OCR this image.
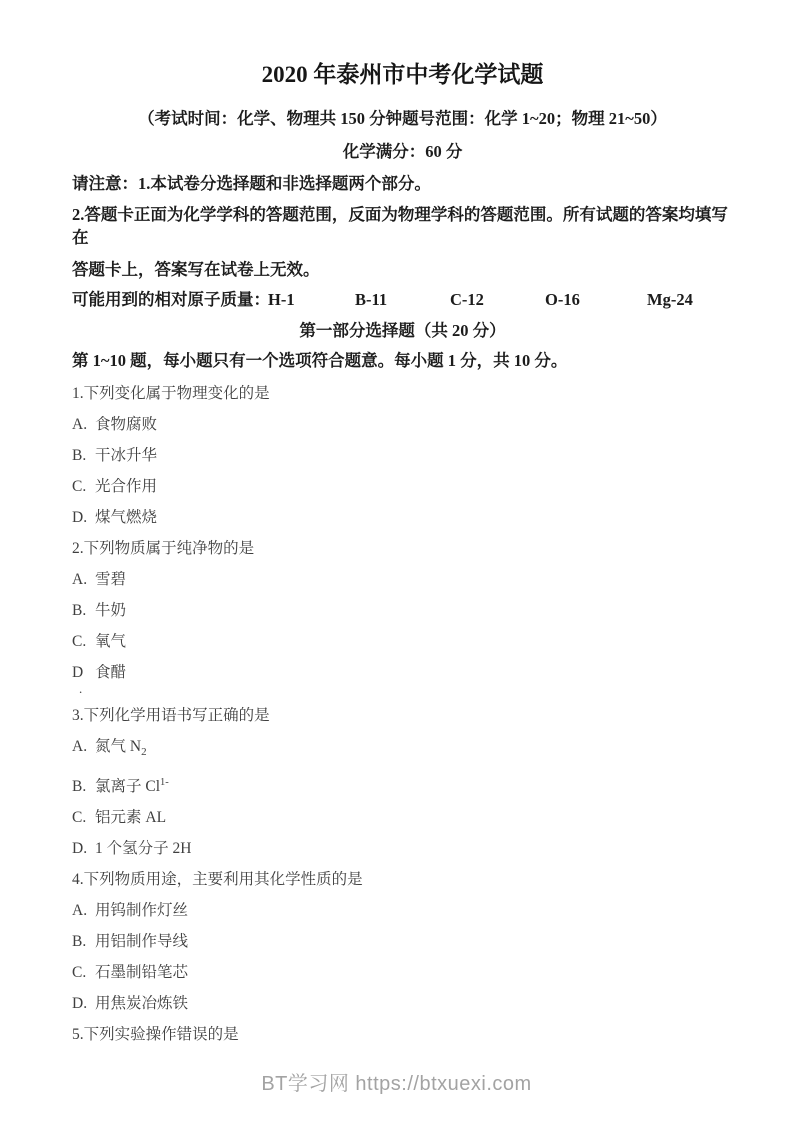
2020 年泰州市中考化学试题

（考试时间：化学、物理共 150 分钟题号范围：化学 1~20；物理 21~50）

化学满分：60 分

请注意：1.本试卷分选择题和非选择题两个部分。

2.答题卡正面为化学学科的答题范围，反面为物理学科的答题范围。所有试题的答案均填写在

答题卡上，答案写在试卷上无效。

可能用到的相对原子质量：
H-1	B-11	C-12	O-16	Mg-24

第一部分选择题（共 20 分）

第 1~10 题，每小题只有一个选项符合题意。每小题 1 分，共 10 分。

1.下列变化属于物理变化的是

A. 食物腐败

B. 干冰升华

C. 光合作用

D. 煤气燃烧

2.下列物质属于纯净物的是

A. 雪碧

B. 牛奶

C. 氧气

D 食醋
.

3.下列化学用语书写正确的是

A. 氮气 $N_2$

B. 氯离子 $Cl^{1-}$

C. 铝元素 AL

D. 1 个氢分子 2H

4.下列物质用途，主要利用其化学性质的是

A. 用钨制作灯丝

B. 用铝制作导线

C. 石墨制铅笔芯

D. 用焦炭冶炼铁

5.下列实验操作错误的是

BT学习网 https://btxuexi.com
